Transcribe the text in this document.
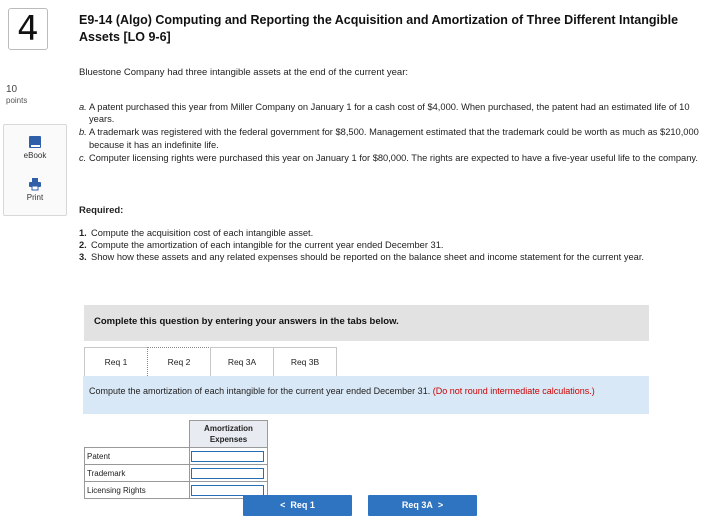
4
10
points
eBook
Print
E9-14 (Algo) Computing and Reporting the Acquisition and Amortization of Three Different Intangible Assets [LO 9-6]
Bluestone Company had three intangible assets at the end of the current year:
a. A patent purchased this year from Miller Company on January 1 for a cash cost of $4,000. When purchased, the patent had an estimated life of 10 years.
b. A trademark was registered with the federal government for $8,500. Management estimated that the trademark could be worth as much as $210,000 because it has an indefinite life.
c. Computer licensing rights were purchased this year on January 1 for $80,000. The rights are expected to have a five-year useful life to the company.
Required:
1. Compute the acquisition cost of each intangible asset.
2. Compute the amortization of each intangible for the current year ended December 31.
3. Show how these assets and any related expenses should be reported on the balance sheet and income statement for the current year.
Complete this question by entering your answers in the tabs below.
Req 1	Req 2	Req 3A	Req 3B
Compute the amortization of each intangible for the current year ended December 31. (Do not round intermediate calculations.)
	Amortization Expenses
Patent	

Trademark	

Licensing Rights	
< Req 1	Req 3A >
